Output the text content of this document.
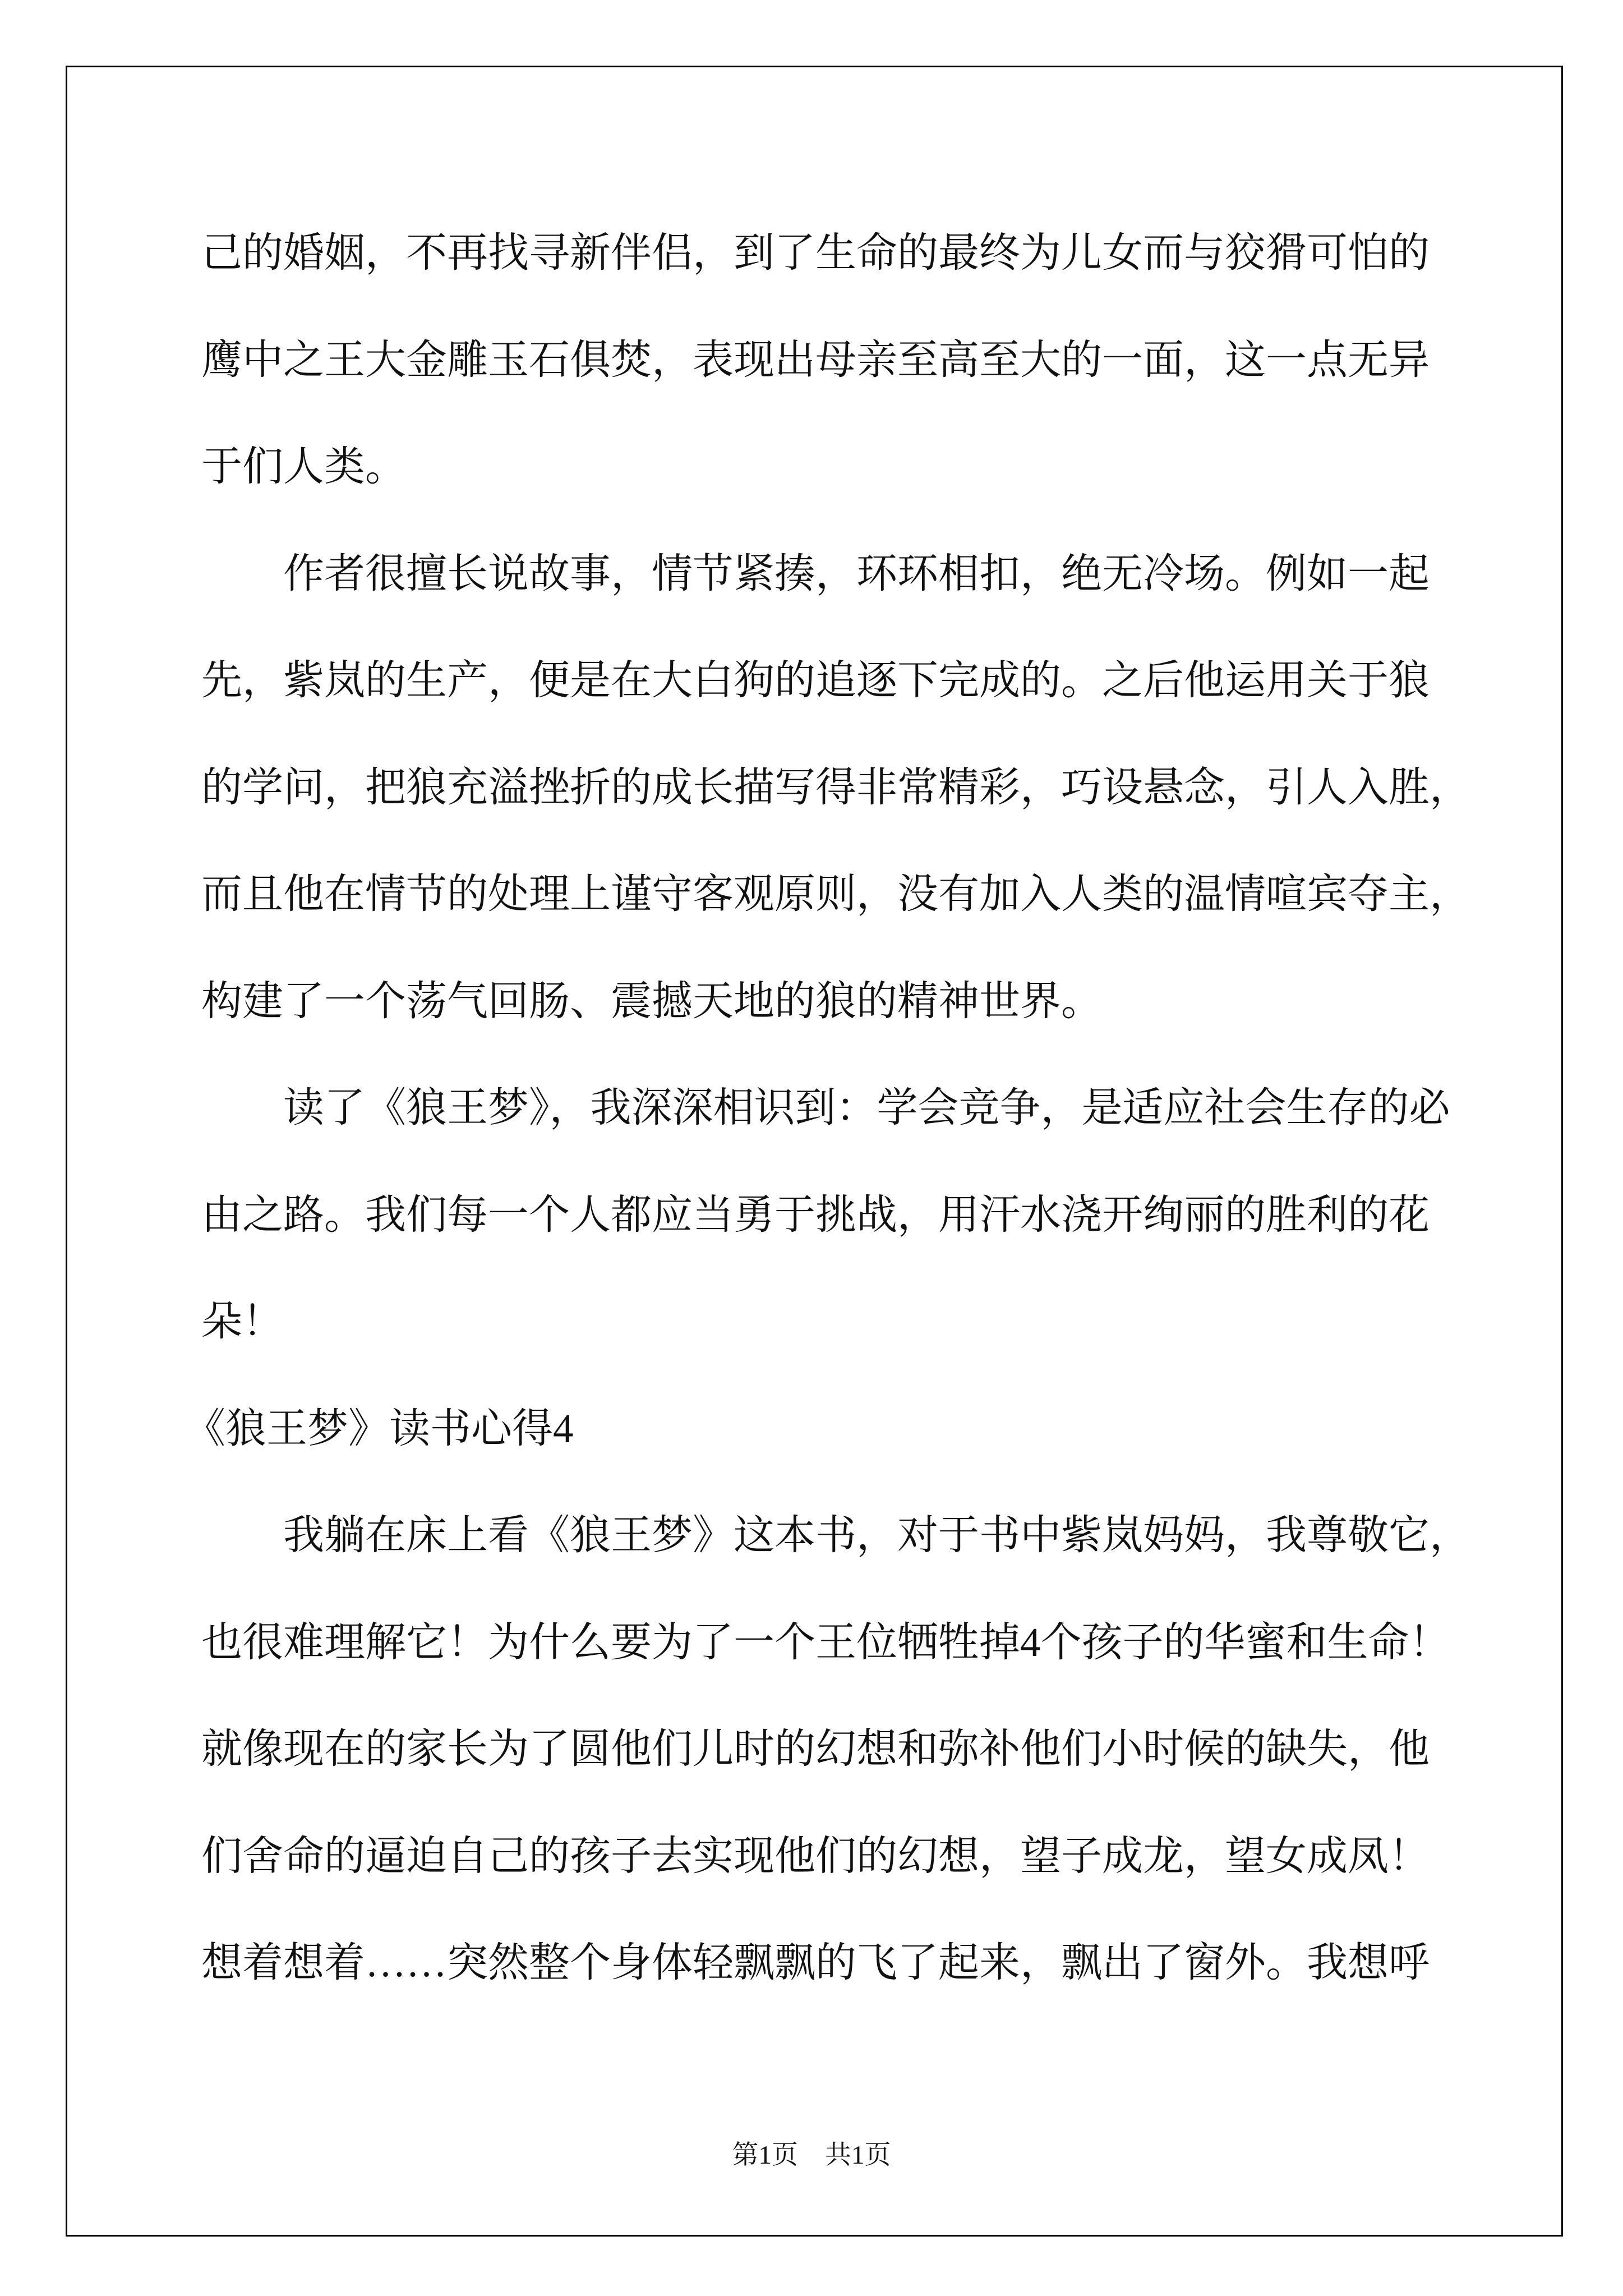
己的婚姻，不再找寻新伴侣，到了生命的最终为儿女而与狡猾可怕的
鹰中之王大金雕玉石俱焚，表现出母亲至高至大的一面，这一点无异
于们人类。
作者很擅长说故事，情节紧揍，环环相扣，绝无冷场。例如一起
先，紫岚的生产，便是在大白狗的追逐下完成的。之后他运用关于狼
的学问，把狼充溢挫折的成长描写得非常精彩，巧设悬念，引人入胜，
而且他在情节的处理上谨守客观原则，没有加入人类的温情喧宾夺主，
构建了一个荡气回肠、震撼天地的狼的精神世界。
读了《狼王梦》，我深深相识到：学会竞争，是适应社会生存的必
由之路。我们每一个人都应当勇于挑战，用汗水浇开绚丽的胜利的花
朵！
《狼王梦》读书心得4
我躺在床上看《狼王梦》这本书，对于书中紫岚妈妈，我尊敬它，
也很难理解它！为什么要为了一个王位牺牲掉4个孩子的华蜜和生命！
就像现在的家长为了圆他们儿时的幻想和弥补他们小时候的缺失，他
们舍命的逼迫自己的孩子去实现他们的幻想，望子成龙，望女成凤！
想着想着……突然整个身体轻飘飘的飞了起来，飘出了窗外。我想呼
第1页 共1页
